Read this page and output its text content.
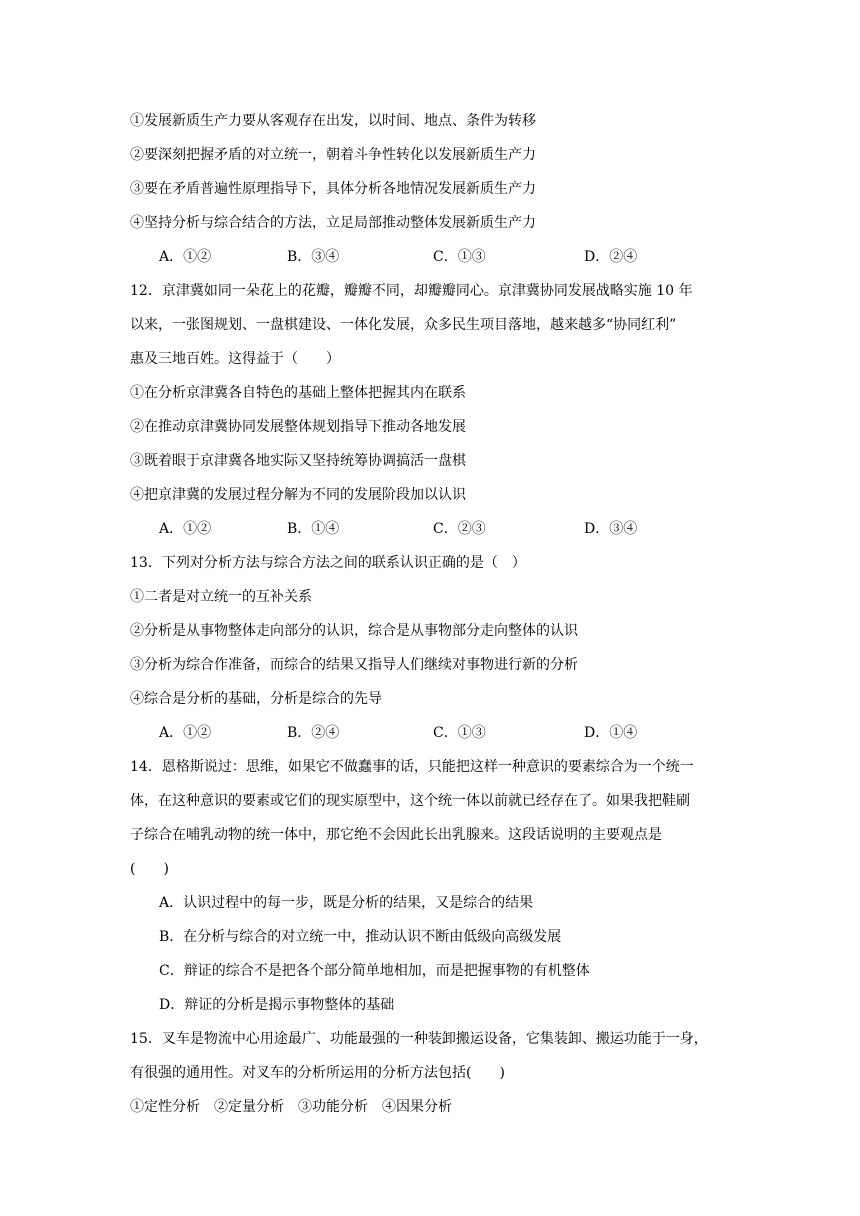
①发展新质生产力要从客观存在出发，以时间、地点、条件为转移
②要深刻把握矛盾的对立统一，朝着斗争性转化以发展新质生产力
③要在矛盾普遍性原理指导下，具体分析各地情况发展新质生产力
④坚持分析与综合结合的方法，立足局部推动整体发展新质生产力
A．①②	B．③④	C．①③	D．②④
12．京津冀如同一朵花上的花瓣，瓣瓣不同，却瓣瓣同心。京津冀协同发展战略实施 10 年
以来，一张图规划、一盘棋建设、一体化发展，众多民生项目落地，越来越多“协同红利”
惠及三地百姓。这得益于（　　）
①在分析京津冀各自特色的基础上整体把握其内在联系
②在推动京津冀协同发展整体规划指导下推动各地发展
③既着眼于京津冀各地实际又坚持统筹协调搞活一盘棋
④把京津冀的发展过程分解为不同的发展阶段加以认识
A．①②	B．①④	C．②③	D．③④
13．下列对分析方法与综合方法之间的联系认识正确的是（　）
①二者是对立统一的互补关系
②分析是从事物整体走向部分的认识，综合是从事物部分走向整体的认识
③分析为综合作准备，而综合的结果又指导人们继续对事物进行新的分析
④综合是分析的基础，分析是综合的先导
A．①②	B．②④	C．①③	D．①④
14．恩格斯说过：思维，如果它不做蠢事的话，只能把这样一种意识的要素综合为一个统一
体，在这种意识的要素或它们的现实原型中，这个统一体以前就已经存在了。如果我把鞋刷
子综合在哺乳动物的统一体中，那它绝不会因此长出乳腺来。这段话说明的主要观点是
(　　)
A．认识过程中的每一步，既是分析的结果，又是综合的结果
B．在分析与综合的对立统一中，推动认识不断由低级向高级发展
C．辩证的综合不是把各个部分简单地相加，而是把握事物的有机整体
D．辩证的分析是揭示事物整体的基础
15．叉车是物流中心用途最广、功能最强的一种装卸搬运设备，它集装卸、搬运功能于一身，
有很强的通用性。对叉车的分析所运用的分析方法包括(　　)
①定性分析　②定量分析　③功能分析　④因果分析
